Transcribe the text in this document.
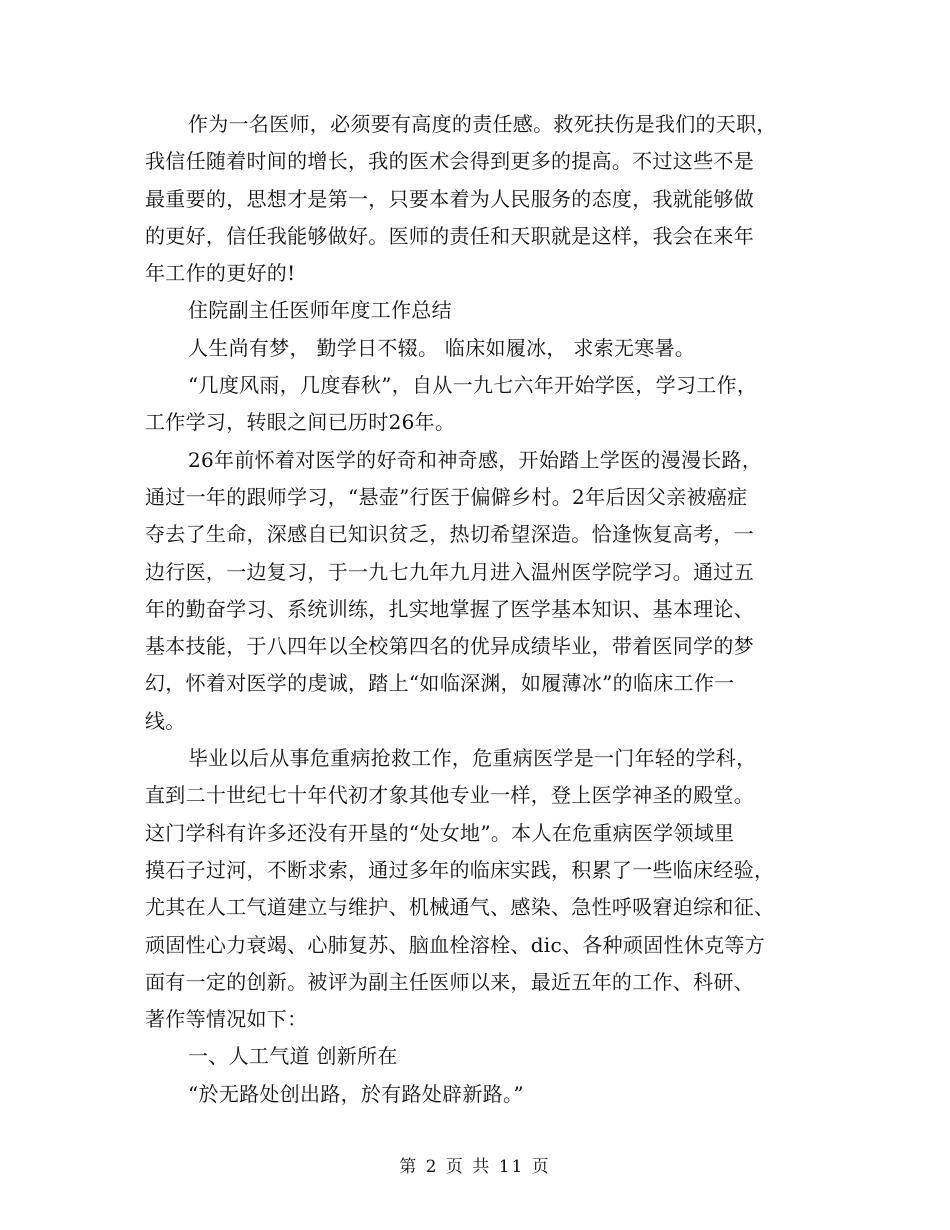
作为一名医师，必须要有高度的责任感。救死扶伤是我们的天职，
我信任随着时间的增长，我的医术会得到更多的提高。不过这些不是
最重要的，思想才是第一，只要本着为人民服务的态度，我就能够做
的更好，信任我能够做好。医师的责任和天职就是这样，我会在来年
年工作的更好的!
住院副主任医师年度工作总结
人生尚有梦， 勤学日不辍。 临床如履冰， 求索无寒暑。
“几度风雨，几度春秋”，自从一九七六年开始学医，学习工作，
工作学习，转眼之间已历时26年。
26年前怀着对医学的好奇和神奇感，开始踏上学医的漫漫长路，
通过一年的跟师学习，“悬壶”行医于偏僻乡村。2年后因父亲被癌症
夺去了生命，深感自已知识贫乏，热切希望深造。恰逢恢复高考，一
边行医，一边复习，于一九七九年九月进入温州医学院学习。通过五
年的勤奋学习、系统训练，扎实地掌握了医学基本知识、基本理论、
基本技能，于八四年以全校第四名的优异成绩毕业，带着医同学的梦
幻，怀着对医学的虔诚，踏上“如临深渊，如履薄冰”的临床工作一
线。
毕业以后从事危重病抢救工作，危重病医学是一门年轻的学科，
直到二十世纪七十年代初才象其他专业一样，登上医学神圣的殿堂。
这门学科有许多还没有开垦的“处女地”。本人在危重病医学领域里
摸石子过河，不断求索，通过多年的临床实践，积累了一些临床经验，
尤其在人工气道建立与维护、机械通气、感染、急性呼吸窘迫综和征、
顽固性心力衰竭、心肺复苏、脑血栓溶栓、dic、各种顽固性休克等方
面有一定的创新。被评为副主任医师以来，最近五年的工作、科研、
著作等情况如下：
一、人工气道 创新所在
“於无路处创出路，於有路处辟新路。”
第 2 页 共 11 页
